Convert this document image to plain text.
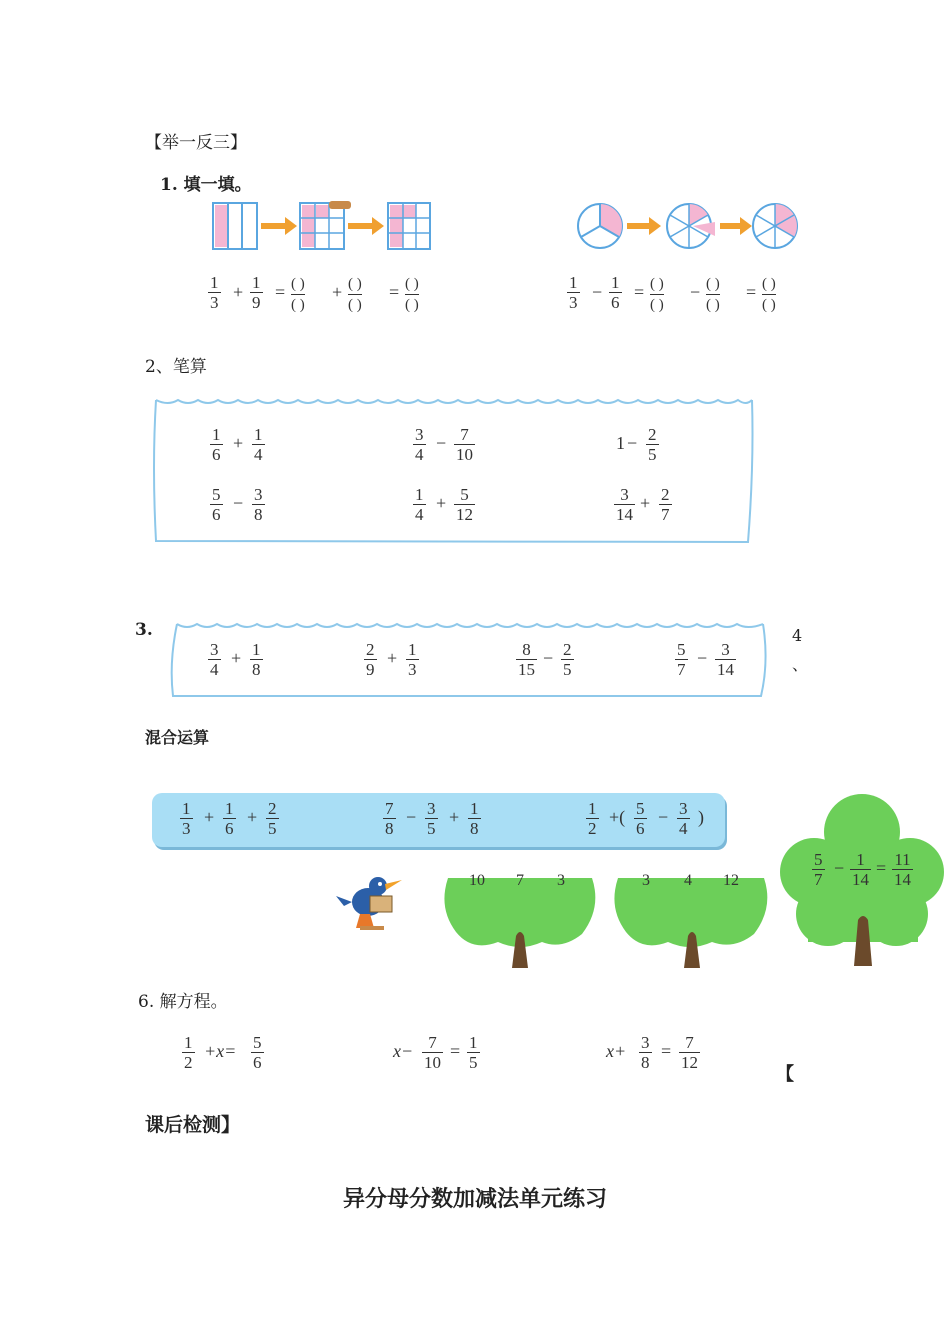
【举一反三】
1. 填一填。
$\frac{1}{3} + \frac{1}{9}$ = ( )
( )
+ ( )
( )
= ( )
( )	$\frac{1}{3} - \frac{1}{6}$ = ( )
( )
− ( )
( )
= ( )
( )
2、笔算
$\frac{1}{6} + \frac{1}{4}$	$\frac{3}{4} - \frac{7}{10}$	$1 - \frac{2}{5}$
$\frac{5}{6} - \frac{3}{8}$	$\frac{1}{4} + \frac{5}{12}$	$\frac{3}{14} + \frac{2}{7}$
3.
$\frac{3}{4} + \frac{1}{8}$	$\frac{2}{9} + \frac{1}{3}$	$\frac{8}{15} - \frac{2}{5}$	$\frac{5}{7} - \frac{3}{14}$
4
、
混合运算
$\frac{1}{3} + \frac{1}{6} + \frac{2}{5}$	$\frac{7}{8} - \frac{3}{5} + \frac{1}{8}$	$\frac{1}{2}$ +( $\frac{5}{6} - \frac{3}{4}$ )
10 7 3	3 4 12	$\frac{5}{7} - \frac{1}{14} = \frac{11}{14}$
6. 解方程。
$\frac{1}{2} +x= \frac{5}{6}$	$x- \frac{7}{10} = \frac{1}{5}$	$x+ \frac{3}{8} = \frac{7}{12}$
【
课后检测】
异分母分数加减法单元练习
